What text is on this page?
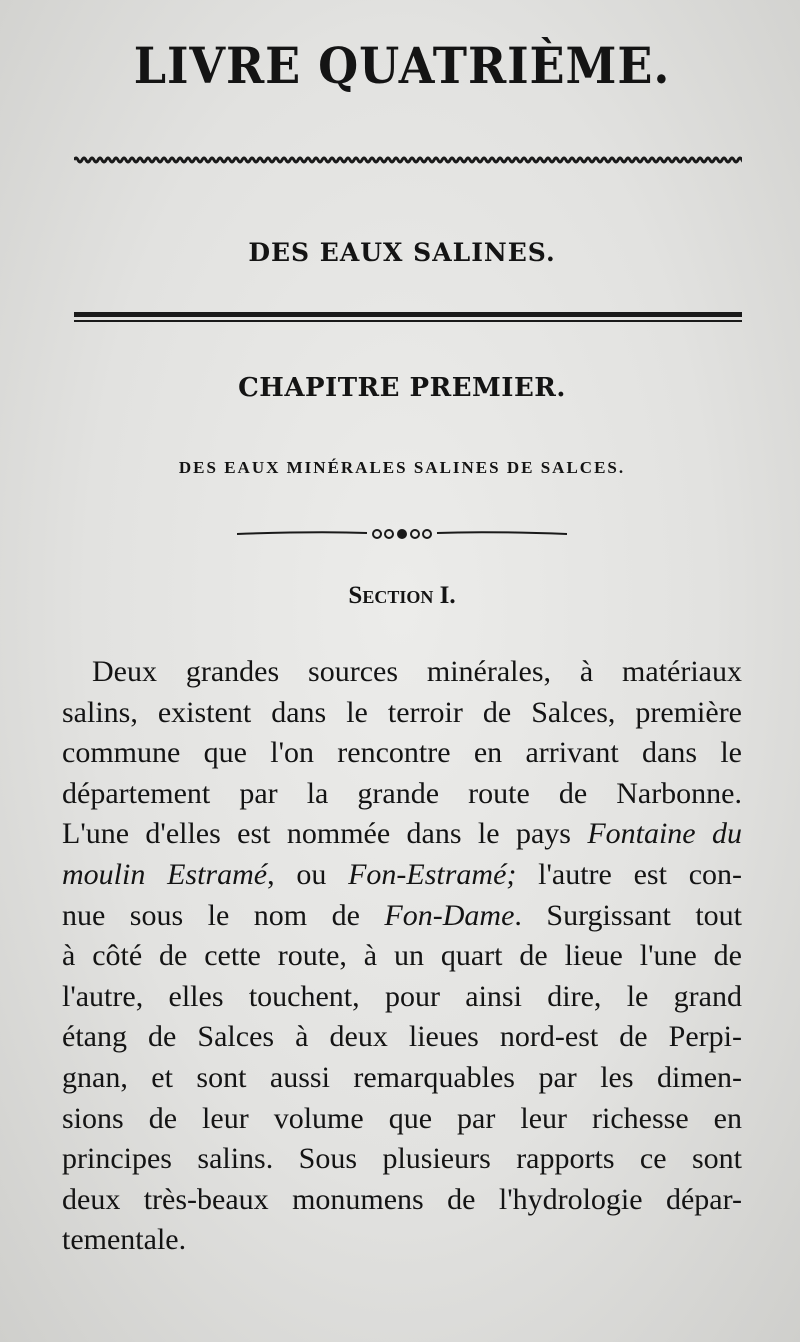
LIVRE QUATRIÈME.
DES EAUX SALINES.
CHAPITRE PREMIER.
DES EAUX MINÉRALES SALINES DE SALCES.
Section I.

Deux grandes sources minérales, à matériaux
salins, existent dans le terroir de Salces, première
commune que l'on rencontre en arrivant dans le
département par la grande route de Narbonne.
L'une d'elles est nommée dans le pays Fontaine du
moulin Estramé, ou Fon-Estramé; l'autre est con-
nue sous le nom de Fon-Dame. Surgissant tout
à côté de cette route, à un quart de lieue l'une de
l'autre, elles touchent, pour ainsi dire, le grand
étang de Salces à deux lieues nord-est de Perpi-
gnan, et sont aussi remarquables par les dimen-
sions de leur volume que par leur richesse en
principes salins. Sous plusieurs rapports ce sont
deux très-beaux monumens de l'hydrologie dépar-
tementale.
